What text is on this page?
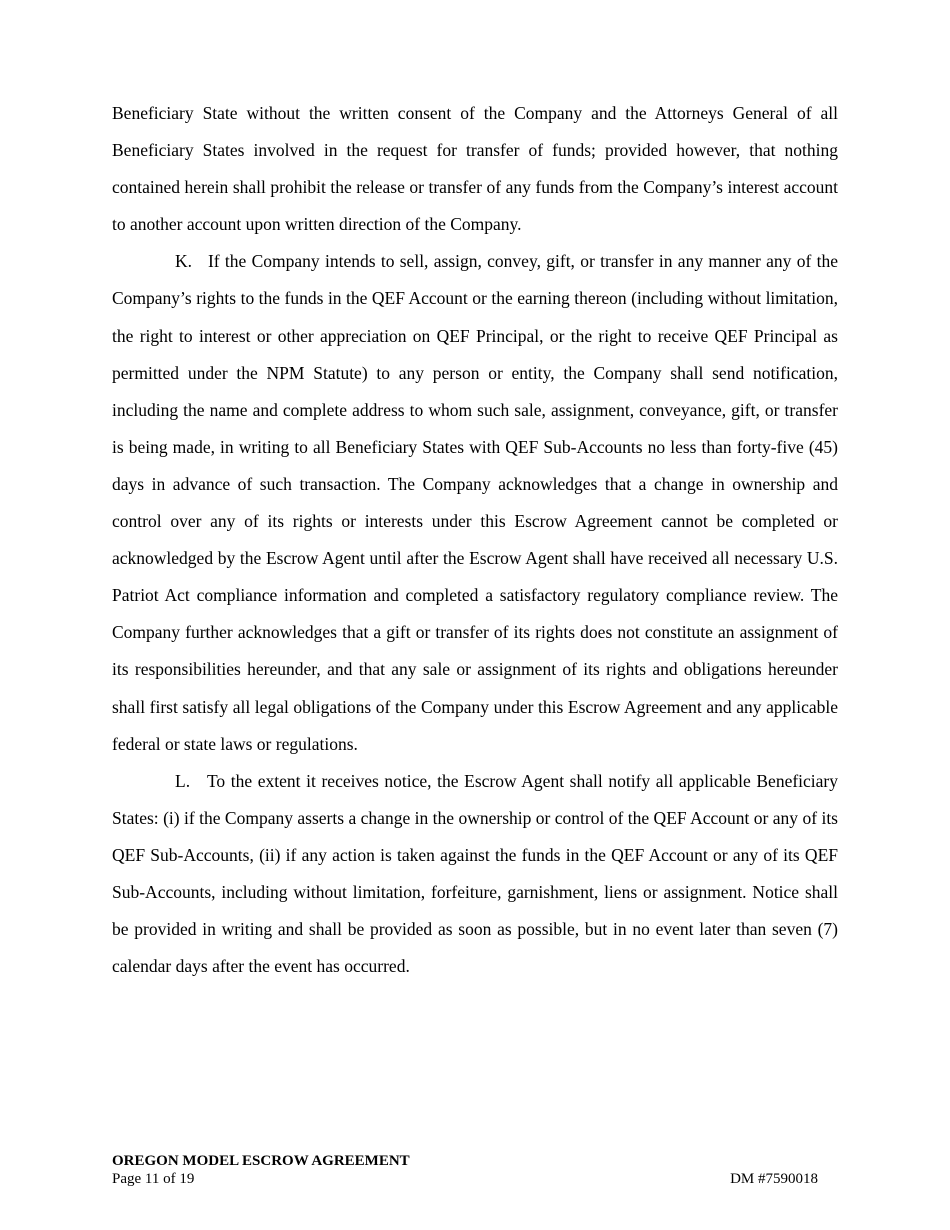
Beneficiary State without the written consent of the Company and the Attorneys General of all Beneficiary States involved in the request for transfer of funds; provided however, that nothing contained herein shall prohibit the release or transfer of any funds from the Company’s interest account to another account upon written direction of the Company.

K. If the Company intends to sell, assign, convey, gift, or transfer in any manner any of the Company’s rights to the funds in the QEF Account or the earning thereon (including without limitation, the right to interest or other appreciation on QEF Principal, or the right to receive QEF Principal as permitted under the NPM Statute) to any person or entity, the Company shall send notification, including the name and complete address to whom such sale, assignment, conveyance, gift, or transfer is being made, in writing to all Beneficiary States with QEF Sub-Accounts no less than forty-five (45) days in advance of such transaction. The Company acknowledges that a change in ownership and control over any of its rights or interests under this Escrow Agreement cannot be completed or acknowledged by the Escrow Agent until after the Escrow Agent shall have received all necessary U.S. Patriot Act compliance information and completed a satisfactory regulatory compliance review. The Company further acknowledges that a gift or transfer of its rights does not constitute an assignment of its responsibilities hereunder, and that any sale or assignment of its rights and obligations hereunder shall first satisfy all legal obligations of the Company under this Escrow Agreement and any applicable federal or state laws or regulations.

L. To the extent it receives notice, the Escrow Agent shall notify all applicable Beneficiary States: (i) if the Company asserts a change in the ownership or control of the QEF Account or any of its QEF Sub-Accounts, (ii) if any action is taken against the funds in the QEF Account or any of its QEF Sub-Accounts, including without limitation, forfeiture, garnishment, liens or assignment. Notice shall be provided in writing and shall be provided as soon as possible, but in no event later than seven (7) calendar days after the event has occurred.

OREGON MODEL ESCROW AGREEMENT
Page 11 of 19	DM #7590018
